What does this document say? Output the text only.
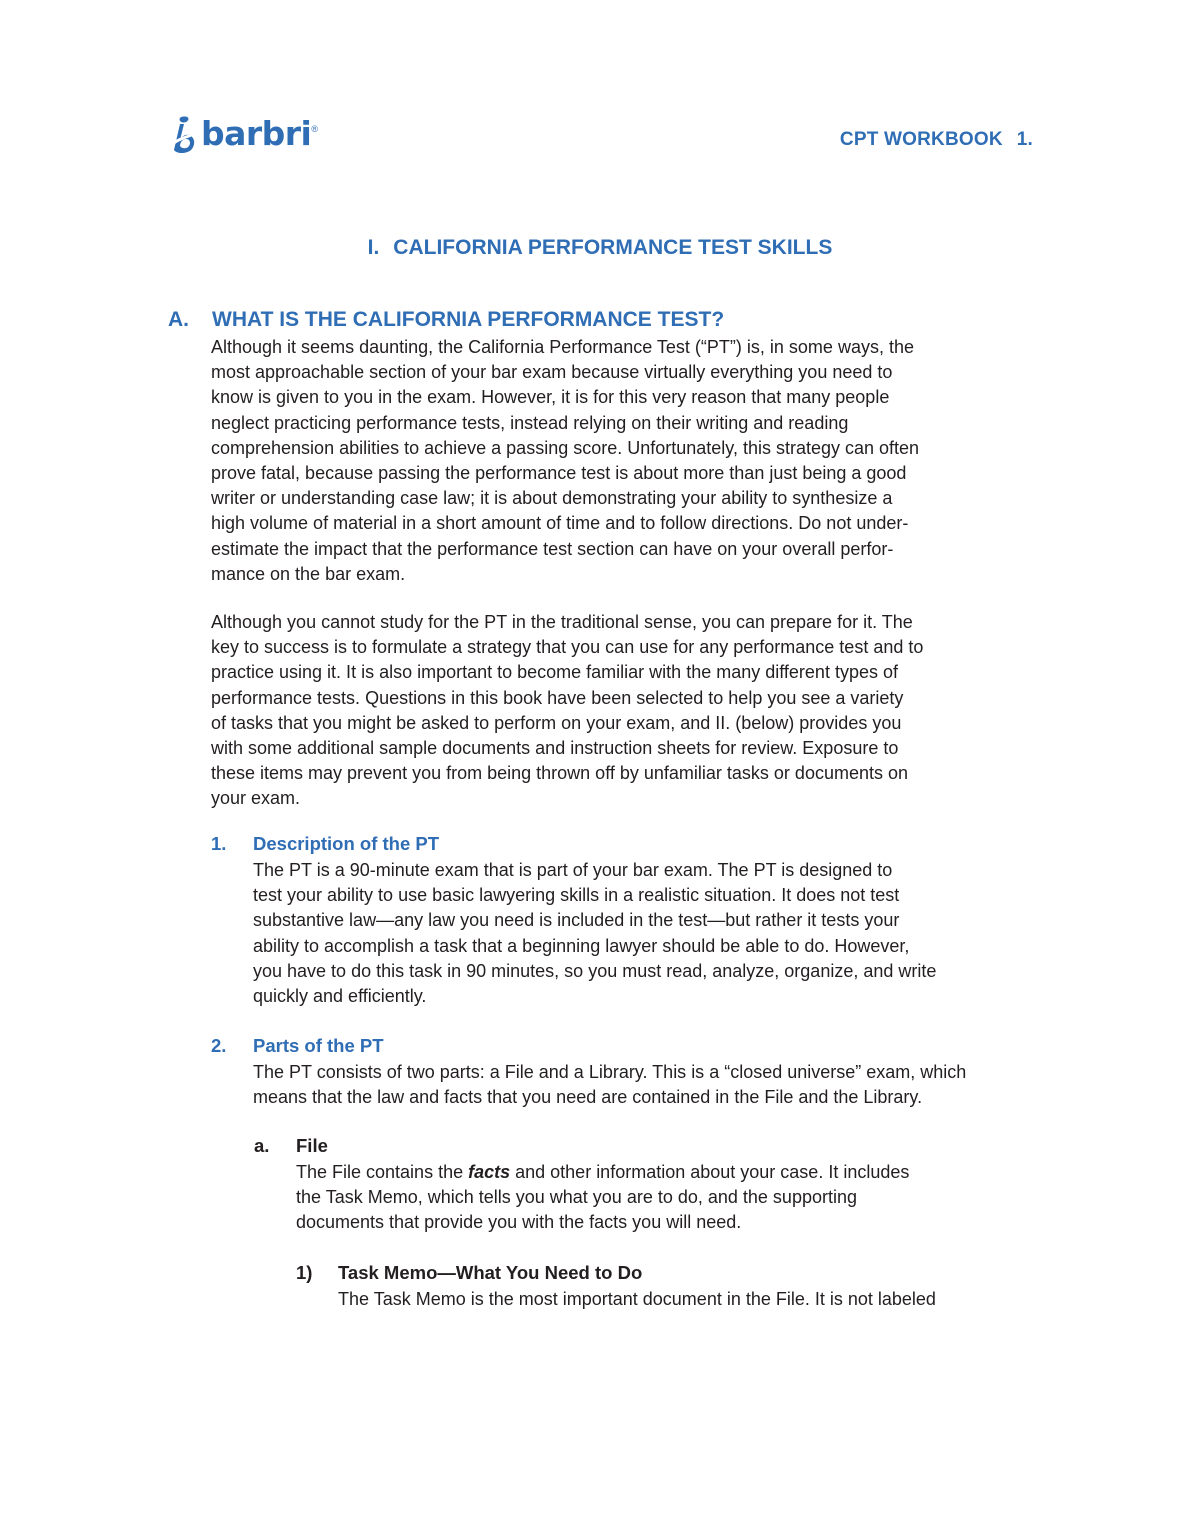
barbri ®	CPT WORKBOOK 1.
I. CALIFORNIA PERFORMANCE TEST SKILLS
A. WHAT IS THE CALIFORNIA PERFORMANCE TEST?
Although it seems daunting, the California Performance Test (“PT”) is, in some ways, the
most approachable section of your bar exam because virtually everything you need to
know is given to you in the exam. However, it is for this very reason that many people
neglect practicing performance tests, instead relying on their writing and reading
comprehension abilities to achieve a passing score. Unfortunately, this strategy can often
prove fatal, because passing the performance test is about more than just being a good
writer or understanding case law; it is about demonstrating your ability to synthesize a
high volume of material in a short amount of time and to follow directions. Do not under-
estimate the impact that the performance test section can have on your overall perfor-
mance on the bar exam.
Although you cannot study for the PT in the traditional sense, you can prepare for it. The
key to success is to formulate a strategy that you can use for any performance test and to
practice using it. It is also important to become familiar with the many different types of
performance tests. Questions in this book have been selected to help you see a variety
of tasks that you might be asked to perform on your exam, and II. (below) provides you
with some additional sample documents and instruction sheets for review. Exposure to
these items may prevent you from being thrown off by unfamiliar tasks or documents on
your exam.
1. Description of the PT
The PT is a 90-minute exam that is part of your bar exam. The PT is designed to
test your ability to use basic lawyering skills in a realistic situation. It does not test
substantive law—any law you need is included in the test—but rather it tests your
ability to accomplish a task that a beginning lawyer should be able to do. However,
you have to do this task in 90 minutes, so you must read, analyze, organize, and write
quickly and efficiently.
2. Parts of the PT
The PT consists of two parts: a File and a Library. This is a “closed universe” exam, which
means that the law and facts that you need are contained in the File and the Library.
a. File
The File contains the facts and other information about your case. It includes
the Task Memo, which tells you what you are to do, and the supporting
documents that provide you with the facts you will need.
1) Task Memo—What You Need to Do
The Task Memo is the most important document in the File. It is not labeled
